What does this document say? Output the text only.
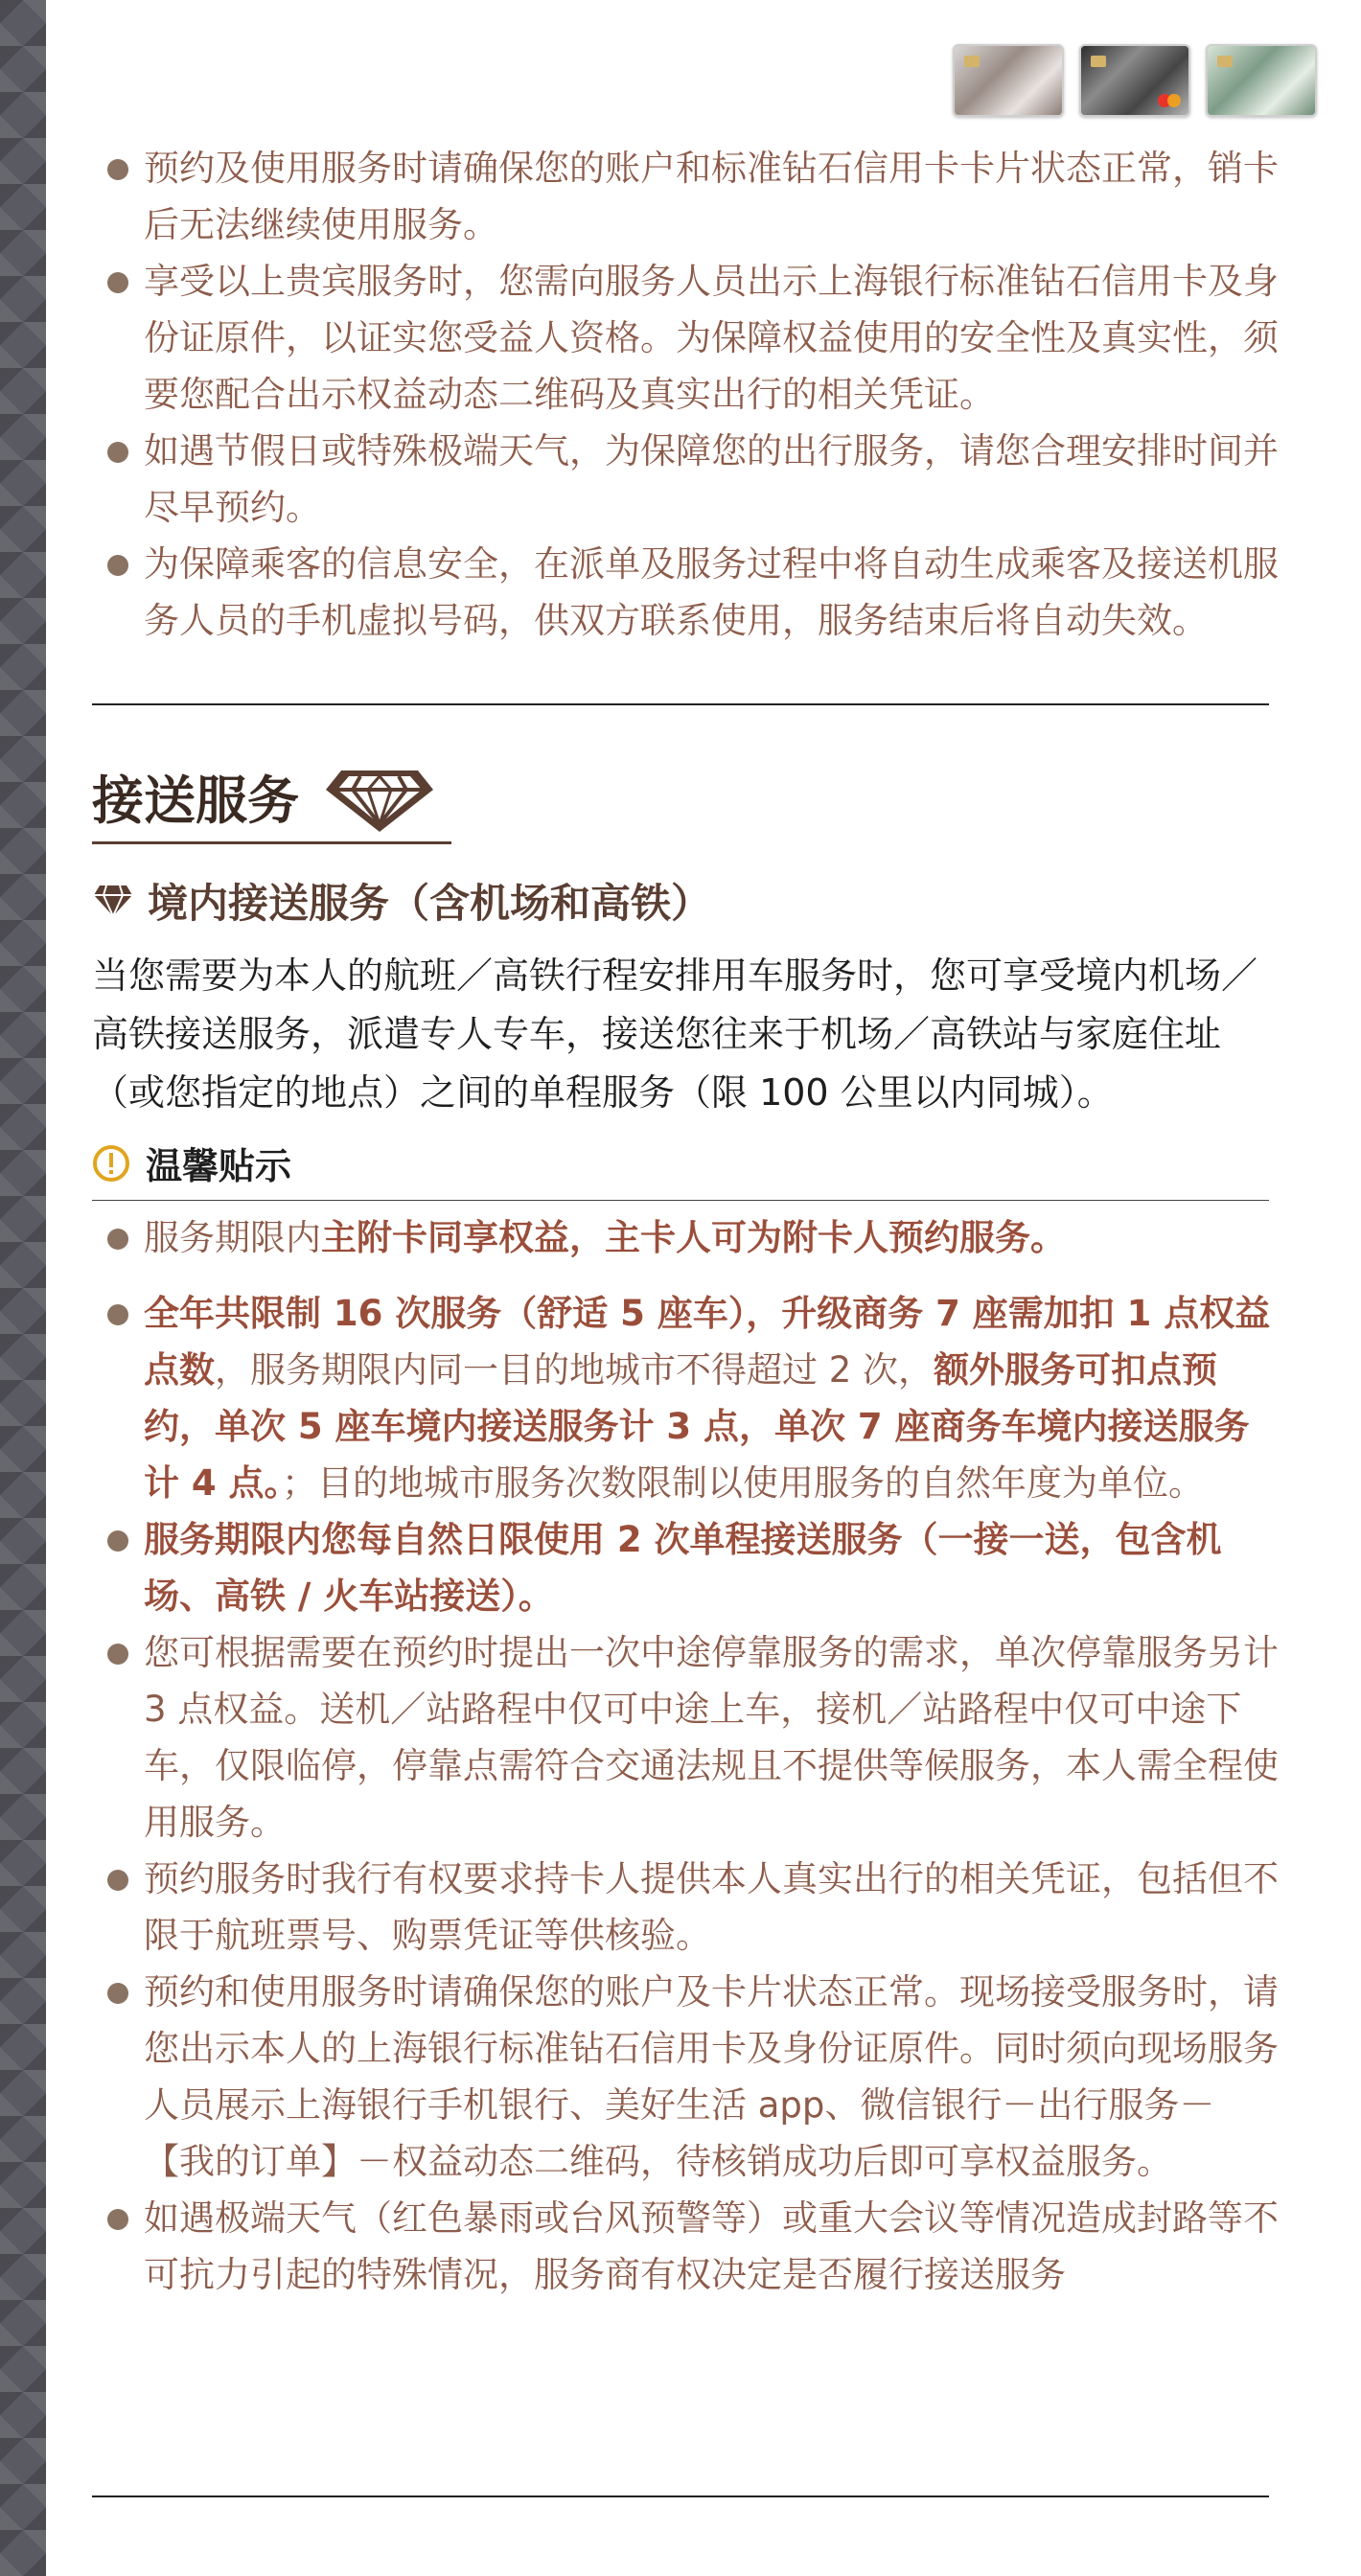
预约及使用服务时请确保您的账户和标准钻石信用卡卡片状态正常，销卡后无法继续使用服务。
享受以上贵宾服务时，您需向服务人员出示上海银行标准钻石信用卡及身份证原件，以证实您受益人资格。为保障权益使用的安全性及真实性，须要您配合出示权益动态二维码及真实出行的相关凭证。
如遇节假日或特殊极端天气，为保障您的出行服务，请您合理安排时间并尽早预约。
为保障乘客的信息安全，在派单及服务过程中将自动生成乘客及接送机服务人员的手机虚拟号码，供双方联系使用，服务结束后将自动失效。
接送服务
境内接送服务（含机场和高铁）
当您需要为本人的航班／高铁行程安排用车服务时，您可享受境内机场／高铁接送服务，派遣专人专车，接送您往来于机场／高铁站与家庭住址（或您指定的地点）之间的单程服务（限 100 公里以内同城）。
温馨贴示
服务期限内主附卡同享权益，主卡人可为附卡人预约服务。
全年共限制 16 次服务（舒适 5 座车），升级商务 7 座需加扣 1 点权益点数，服务期限内同一目的地城市不得超过 2 次，额外服务可扣点预约，单次 5 座车境内接送服务计 3 点，单次 7 座商务车境内接送服务计 4 点。；目的地城市服务次数限制以使用服务的自然年度为单位。
服务期限内您每自然日限使用 2 次单程接送服务（一接一送，包含机场、高铁 / 火车站接送）。
您可根据需要在预约时提出一次中途停靠服务的需求，单次停靠服务另计 3 点权益。送机／站路程中仅可中途上车，接机／站路程中仅可中途下车，仅限临停，停靠点需符合交通法规且不提供等候服务，本人需全程使用服务。
预约服务时我行有权要求持卡人提供本人真实出行的相关凭证，包括但不限于航班票号、购票凭证等供核验。
预约和使用服务时请确保您的账户及卡片状态正常。现场接受服务时，请您出示本人的上海银行标准钻石信用卡及身份证原件。同时须向现场服务人员展示上海银行手机银行、美好生活 app、微信银行－出行服务－【我的订单】－权益动态二维码，待核销成功后即可享权益服务。
如遇极端天气（红色暴雨或台风预警等）或重大会议等情况造成封路等不可抗力引起的特殊情况，服务商有权决定是否履行接送服务
